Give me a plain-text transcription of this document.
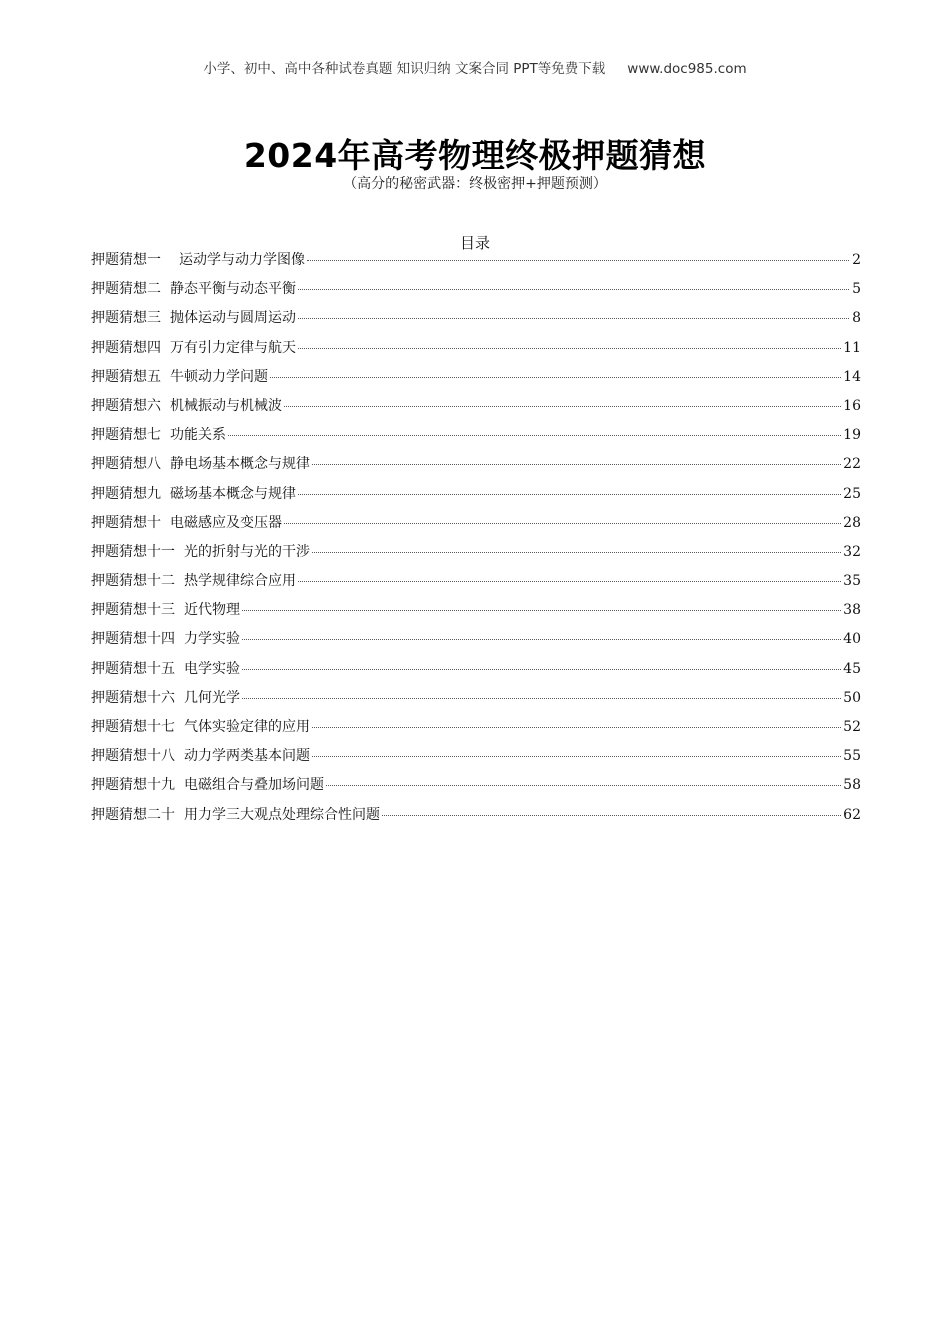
小学、初中、高中各种试卷真题 知识归纳 文案合同 PPT等免费下载 www.doc985.com
2024年高考物理终极押题猜想
（高分的秘密武器：终极密押+押题预测）
目录
押题猜想一 运动学与动力学图像	2
押题猜想二 静态平衡与动态平衡	5
押题猜想三 抛体运动与圆周运动	8
押题猜想四 万有引力定律与航天	11
押题猜想五 牛顿动力学问题	14
押题猜想六 机械振动与机械波	16
押题猜想七 功能关系	19
押题猜想八 静电场基本概念与规律	22
押题猜想九 磁场基本概念与规律	25
押题猜想十 电磁感应及变压器	28
押题猜想十一 光的折射与光的干涉	32
押题猜想十二 热学规律综合应用	35
押题猜想十三 近代物理	38
押题猜想十四 力学实验	40
押题猜想十五 电学实验	45
押题猜想十六 几何光学	50
押题猜想十七 气体实验定律的应用	52
押题猜想十八 动力学两类基本问题	55
押题猜想十九 电磁组合与叠加场问题	58
押题猜想二十 用力学三大观点处理综合性问题	62
